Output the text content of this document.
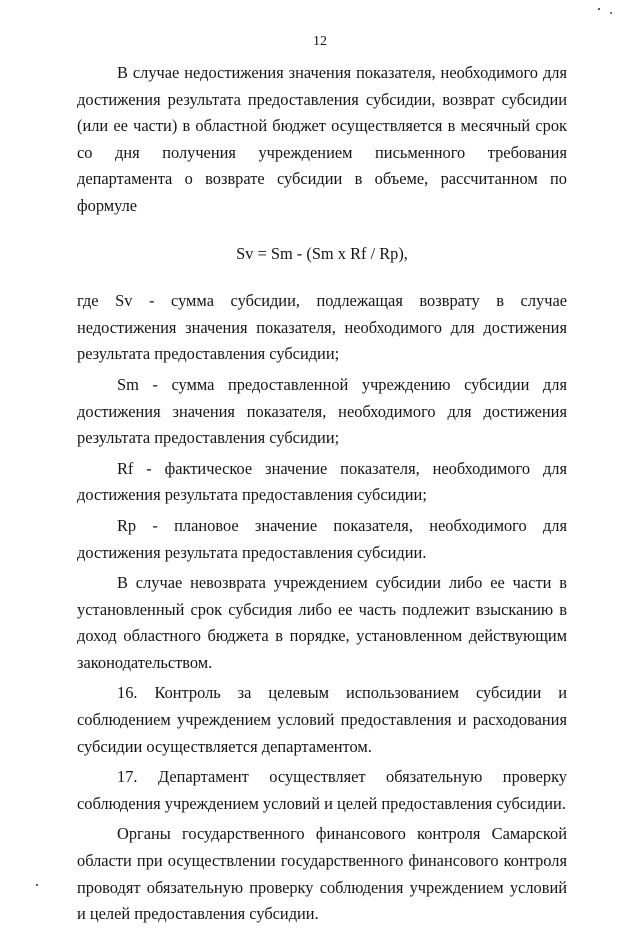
12

В случае недостижения значения показателя, необходимого для достижения результата предоставления субсидии, возврат субсидии (или ее части) в областной бюджет осуществляется в месячный срок со дня получения учреждением письменного требования департамента о возврате субсидии в объеме, рассчитанном по формуле

Sv = Sm - (Sm x Rf / Rp),

где Sv - сумма субсидии, подлежащая возврату в случае недостижения значения показателя, необходимого для достижения результата предоставления субсидии;

Sm - сумма предоставленной учреждению субсидии для достижения значения показателя, необходимого для достижения результата предоставления субсидии;

Rf - фактическое значение показателя, необходимого для достижения результата предоставления субсидии;

Rp - плановое значение показателя, необходимого для достижения результата предоставления субсидии.

В случае невозврата учреждением субсидии либо ее части в установленный срок субсидия либо ее часть подлежит взысканию в доход областного бюджета в порядке, установленном действующим законодательством.

16. Контроль за целевым использованием субсидии и соблюдением учреждением условий предоставления и расходования субсидии осуществляется департаментом.

17. Департамент осуществляет обязательную проверку соблюдения учреждением условий и целей предоставления субсидии.

Органы государственного финансового контроля Самарской области при осуществлении государственного финансового контроля проводят обязательную проверку соблюдения учреждением условий и целей предоставления субсидии.
